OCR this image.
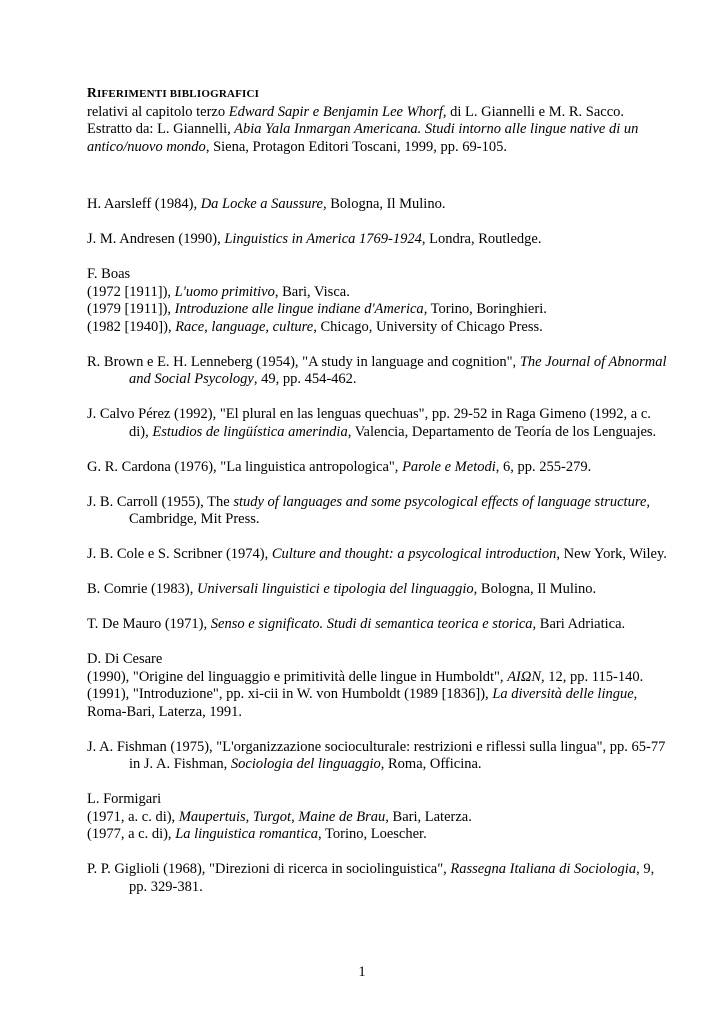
RIFERIMENTI BIBLIOGRAFICI

relativi al capitolo terzo Edward Sapir e Benjamin Lee Whorf, di L. Giannelli e M. R. Sacco. Estratto da: L. Giannelli, Abia Yala Inmargan Americana. Studi intorno alle lingue native di un antico/nuovo mondo, Siena, Protagon Editori Toscani, 1999, pp. 69-105.

H. Aarsleff (1984), Da Locke a Saussure, Bologna, Il Mulino.
J. M. Andresen (1990), Linguistics in America 1769-1924, Londra, Routledge.
F. Boas
(1972 [1911]), L'uomo primitivo, Bari, Visca.
(1979 [1911]), Introduzione alle lingue indiane d'America, Torino, Boringhieri.
(1982 [1940]), Race, language, culture, Chicago, University of Chicago Press.
R. Brown e E. H. Lenneberg (1954), "A study in language and cognition", The Journal of Abnormal and Social Psycology, 49, pp. 454-462.
J. Calvo Pérez (1992), "El plural en las lenguas quechuas", pp. 29-52 in Raga Gimeno (1992, a c. di), Estudios de lingüística amerindia, Valencia, Departamento de Teoría de los Lenguajes.
G. R. Cardona (1976), "La linguistica antropologica", Parole e Metodi, 6, pp. 255-279.
J. B. Carroll (1955), The study of languages and some psycological effects of language structure, Cambridge, Mit Press.
J. B. Cole e S. Scribner (1974), Culture and thought: a psycological introduction, New York, Wiley.
B. Comrie (1983), Universali linguistici e tipologia del linguaggio, Bologna, Il Mulino.
T. De Mauro (1971), Senso e significato. Studi di semantica teorica e storica, Bari Adriatica.
D. Di Cesare
(1990), "Origine del linguaggio e primitività delle lingue in Humboldt", AIΩN, 12, pp. 115-140.
(1991), "Introduzione", pp. xi-cii in W. von Humboldt (1989 [1836]), La diversità delle lingue, Roma-Bari, Laterza, 1991.
J. A. Fishman (1975), "L'organizzazione socioculturale: restrizioni e riflessi sulla lingua", pp. 65-77 in J. A. Fishman, Sociologia del linguaggio, Roma, Officina.
L. Formigari
(1971, a. c. di), Maupertuis, Turgot, Maine de Brau, Bari, Laterza.
(1977, a c. di), La linguistica romantica, Torino, Loescher.
P. P. Giglioli (1968), "Direzioni di ricerca in sociolinguistica", Rassegna Italiana di Sociologia, 9, pp. 329-381.
1
